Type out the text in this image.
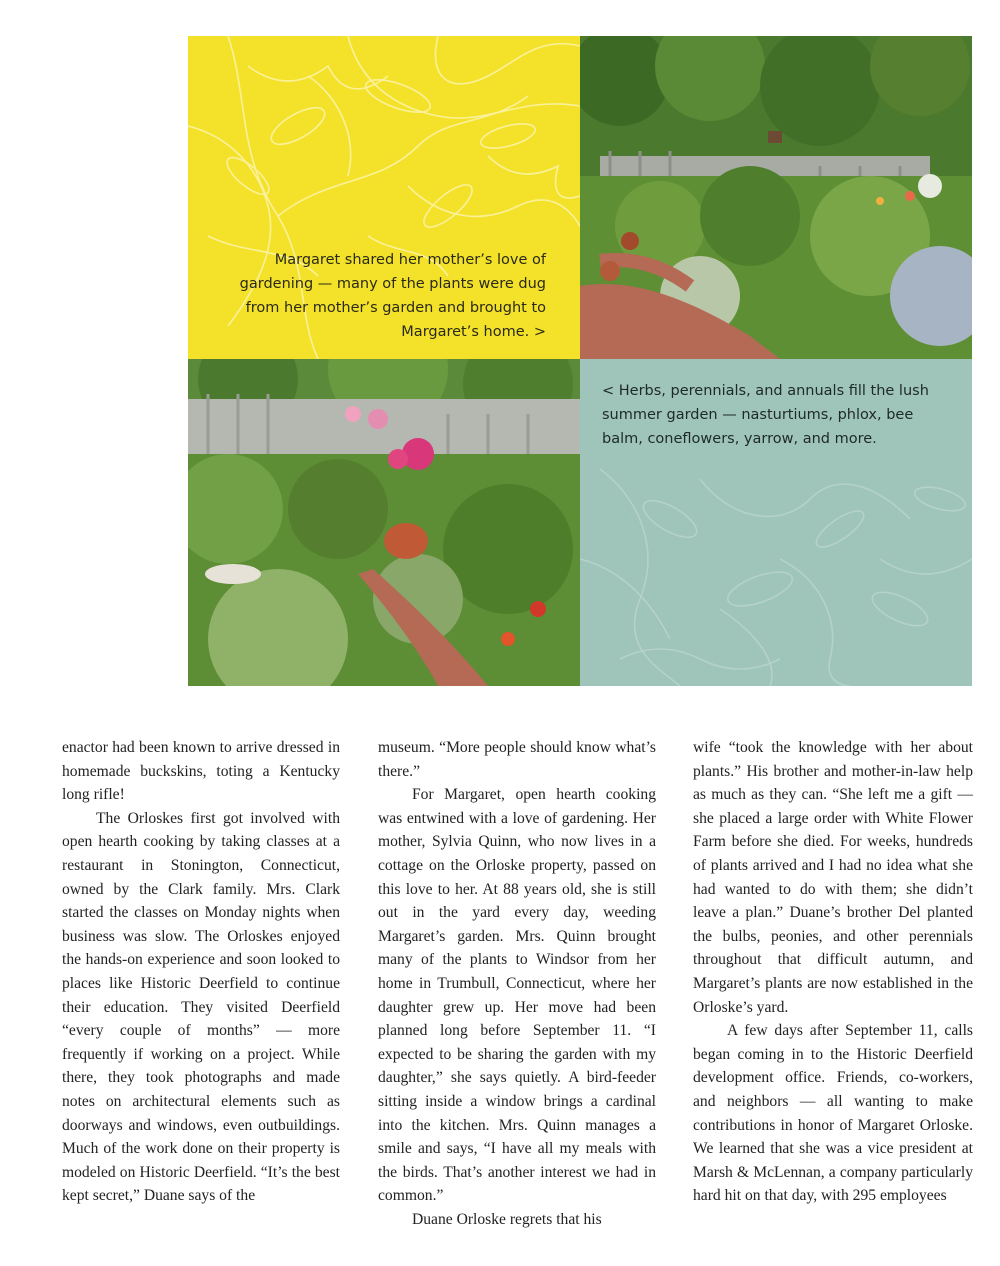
Margaret shared her mother’s love of gardening — many of the plants were dug from her mother’s garden and brought to Margaret’s home. >
< Herbs, perennials, and annuals fill the lush summer garden — nasturtiums, phlox, bee balm, coneflowers, yarrow, and more.

enactor had been known to arrive dressed in homemade buckskins, toting a Kentucky long rifle!

The Orloskes first got involved with open hearth cooking by taking classes at a restaurant in Stonington, Connecticut, owned by the Clark family. Mrs. Clark started the classes on Monday nights when business was slow. The Orloskes enjoyed the hands-on experience and soon looked to places like Historic Deerfield to continue their education. They visited Deerfield “every couple of months” — more frequently if working on a project. While there, they took photographs and made notes on architectural elements such as doorways and windows, even outbuildings. Much of the work done on their property is modeled on Historic Deerfield. “It’s the best kept secret,” Duane says of the

museum. “More people should know what’s there.”

For Margaret, open hearth cooking was entwined with a love of gardening. Her mother, Sylvia Quinn, who now lives in a cottage on the Orloske property, passed on this love to her. At 88 years old, she is still out in the yard every day, weeding Margaret’s garden. Mrs. Quinn brought many of the plants to Windsor from her home in Trumbull, Connecticut, where her daughter grew up. Her move had been planned long before September 11. “I expected to be sharing the garden with my daughter,” she says quietly. A bird-feeder sitting inside a window brings a cardinal into the kitchen. Mrs. Quinn manages a smile and says, “I have all my meals with the birds. That’s another interest we had in common.”

Duane Orloske regrets that his

wife “took the knowledge with her about plants.” His brother and mother-in-law help as much as they can. “She left me a gift — she placed a large order with White Flower Farm before she died. For weeks, hundreds of plants arrived and I had no idea what she had wanted to do with them; she didn’t leave a plan.” Duane’s brother Del planted the bulbs, peonies, and other perennials throughout that difficult autumn, and Margaret’s plants are now established in the Orloske’s yard.

A few days after September 11, calls began coming in to the Historic Deerfield development office. Friends, co-workers, and neighbors — all wanting to make contributions in honor of Margaret Orloske. We learned that she was a vice president at Marsh & McLennan, a company particularly hard hit on that day, with 295 employees
